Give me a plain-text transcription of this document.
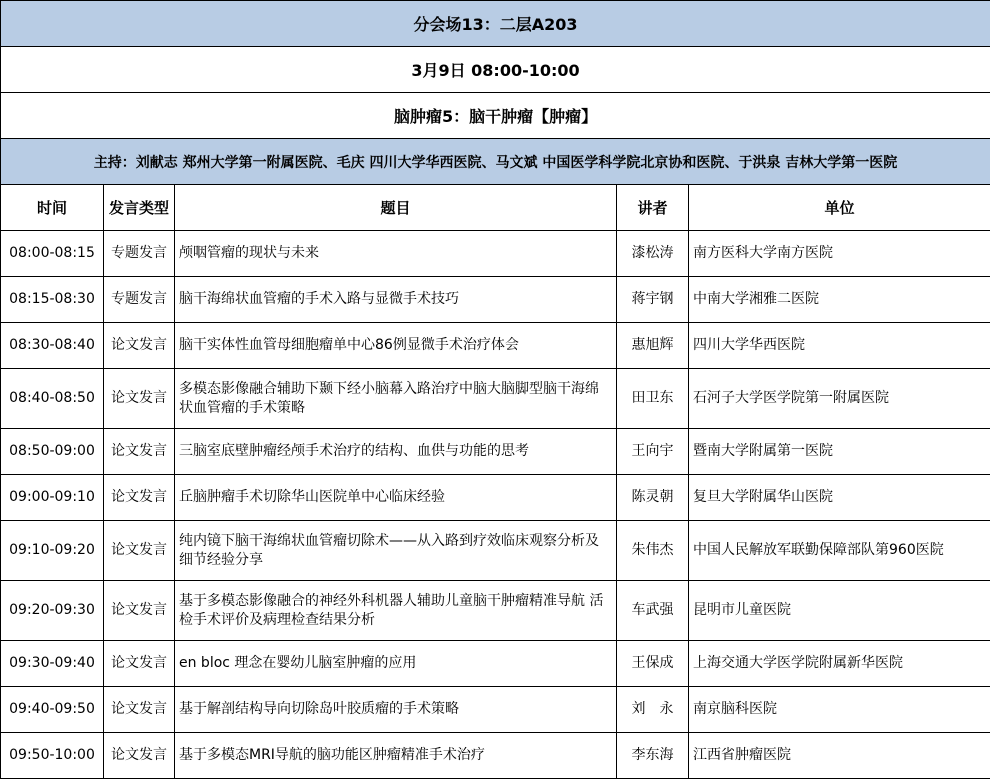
分会场13：二层A203				
3月9日 08:00-10:00				
脑肿瘤5：脑干肿瘤【肿瘤】				
主持：刘献志 郑州大学第一附属医院、毛庆 四川大学华西医院、马文斌 中国医学科学院北京协和医院、于洪泉 吉林大学第一医院				
时间	发言类型	题目	讲者	单位
08:00-08:15	专题发言	颅咽管瘤的现状与未来	漆松涛	南方医科大学南方医院
08:15-08:30	专题发言	脑干海绵状血管瘤的手术入路与显微手术技巧	蒋宇钢	中南大学湘雅二医院
08:30-08:40	论文发言	脑干实体性血管母细胞瘤单中心86例显微手术治疗体会	惠旭辉	四川大学华西医院
08:40-08:50	论文发言	多模态影像融合辅助下颞下经小脑幕入路治疗中脑大脑脚型脑干海绵状血管瘤的手术策略	田卫东	石河子大学医学院第一附属医院
08:50-09:00	论文发言	三脑室底壁肿瘤经颅手术治疗的结构、血供与功能的思考	王向宇	暨南大学附属第一医院
09:00-09:10	论文发言	丘脑肿瘤手术切除华山医院单中心临床经验	陈灵朝	复旦大学附属华山医院
09:10-09:20	论文发言	纯内镜下脑干海绵状血管瘤切除术——从入路到疗效临床观察分析及细节经验分享	朱伟杰	中国人民解放军联勤保障部队第960医院
09:20-09:30	论文发言	基于多模态影像融合的神经外科机器人辅助儿童脑干肿瘤精准导航 活检手术评价及病理检查结果分析	车武强	昆明市儿童医院
09:30-09:40	论文发言	en bloc 理念在婴幼儿脑室肿瘤的应用	王保成	上海交通大学医学院附属新华医院
09:40-09:50	论文发言	基于解剖结构导向切除岛叶胶质瘤的手术策略	刘　永	南京脑科医院
09:50-10:00	论文发言	基于多模态MRI导航的脑功能区肿瘤精准手术治疗	李东海	江西省肿瘤医院
